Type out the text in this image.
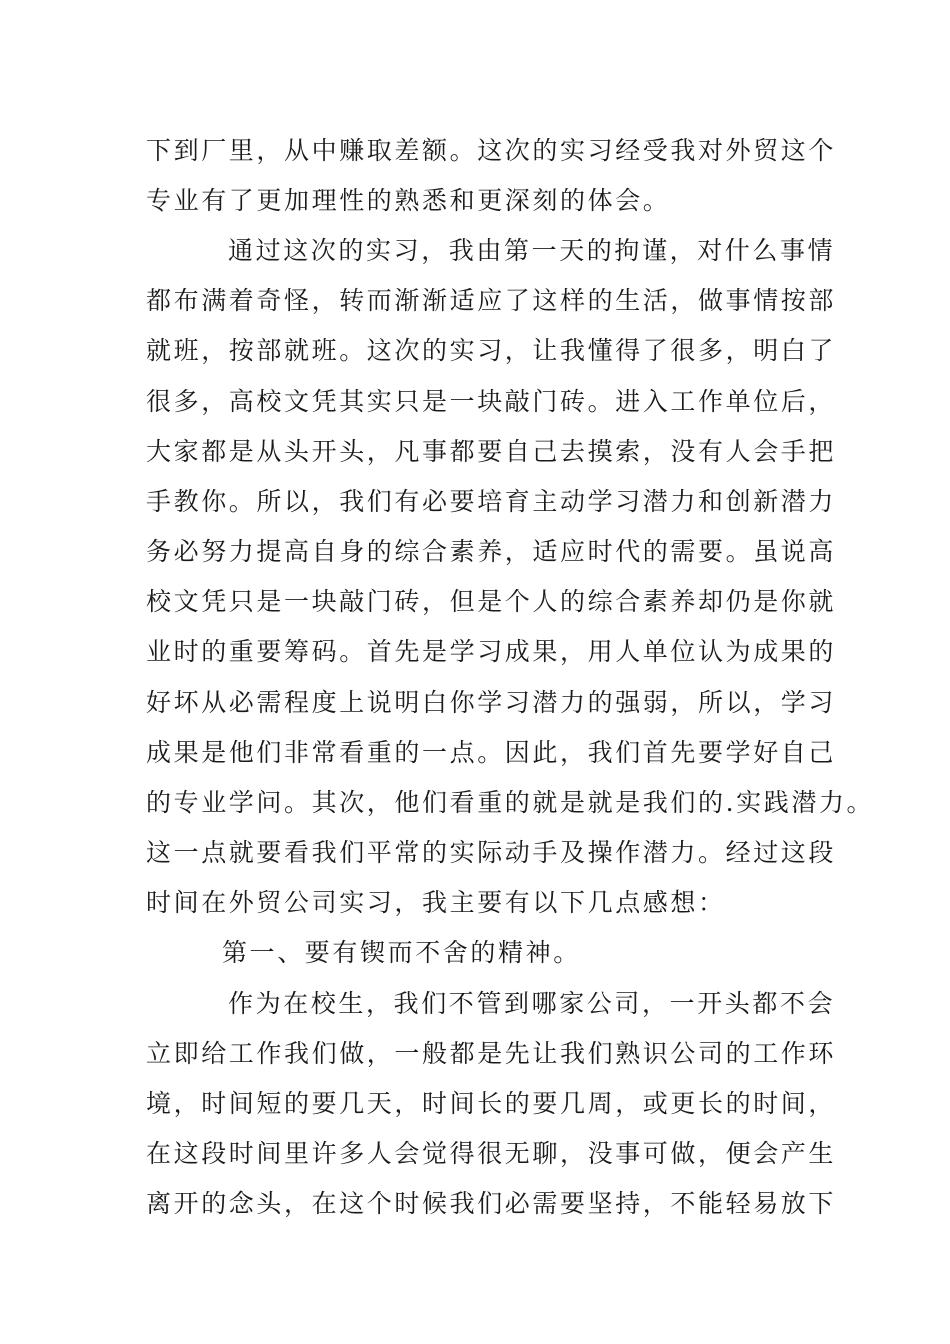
下到厂里，从中赚取差额。这次的实习经受我对外贸这个
专业有了更加理性的熟悉和更深刻的体会。
通过这次的实习，我由第一天的拘谨，对什么事情
都布满着奇怪，转而渐渐适应了这样的生活，做事情按部
就班，按部就班。这次的实习，让我懂得了很多，明白了
很多，高校文凭其实只是一块敲门砖。进入工作单位后，
大家都是从头开头，凡事都要自己去摸索，没有人会手把
手教你。所以，我们有必要培育主动学习潜力和创新潜力
务必努力提高自身的综合素养，适应时代的需要。虽说高
校文凭只是一块敲门砖，但是个人的综合素养却仍是你就
业时的重要筹码。首先是学习成果，用人单位认为成果的
好坏从必需程度上说明白你学习潜力的强弱，所以，学习
成果是他们非常看重的一点。因此，我们首先要学好自己
的专业学问。其次，他们看重的就是就是我们的.实践潜力。
这一点就要看我们平常的实际动手及操作潜力。经过这段
时间在外贸公司实习，我主要有以下几点感想：
第一、要有锲而不舍的精神。
作为在校生，我们不管到哪家公司，一开头都不会
立即给工作我们做，一般都是先让我们熟识公司的工作环
境，时间短的要几天，时间长的要几周，或更长的时间，
在这段时间里许多人会觉得很无聊，没事可做，便会产生
离开的念头，在这个时候我们必需要坚持，不能轻易放下
